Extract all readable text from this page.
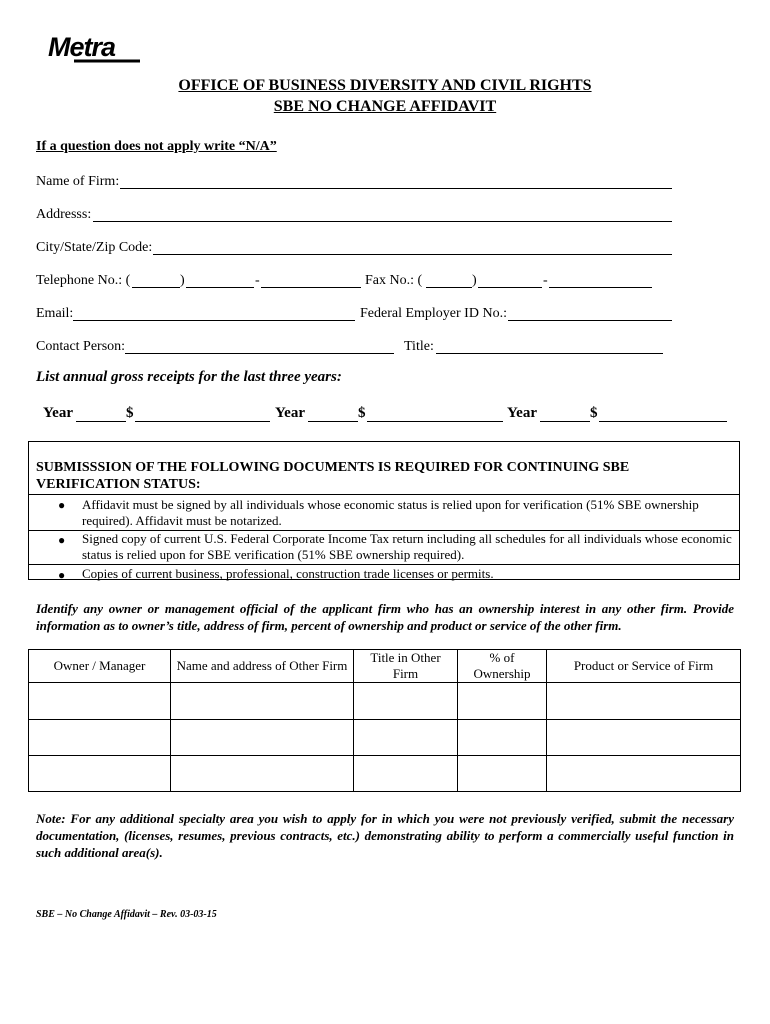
Metra
OFFICE OF BUSINESS DIVERSITY AND CIVIL RIGHTS
SBE NO CHANGE AFFIDAVIT
If a question does not apply write “N/A”
Name of Firm:
Addresss:
City/State/Zip Code:
Telephone No.: (	)	-	Fax No.: (	)	-
Email:	Federal Employer ID No.:
Contact Person:	Title:
List annual gross receipts for the last three years:
Year	$	Year	$	Year	$
SUBMISSSION OF THE FOLLOWING DOCUMENTS IS REQUIRED FOR CONTINUING SBE VERIFICATION STATUS:
● Affidavit must be signed by all individuals whose economic status is relied upon for verification (51% SBE ownership required). Affidavit must be notarized.
● Signed copy of current U.S. Federal Corporate Income Tax return including all schedules for all individuals whose economic status is relied upon for SBE verification (51% SBE ownership required).
● Copies of current business, professional, construction trade licenses or permits.
Identify any owner or management official of the applicant firm who has an ownership interest in any other firm. Provide information as to owner’s title, address of firm, percent of ownership and product or service of the other firm.
Owner / Manager	Name and address of Other Firm	Title in Other Firm	% of Ownership	Product or Service of Firm

Note: For any additional specialty area you wish to apply for in which you were not previously verified, submit the necessary documentation, (licenses, resumes, previous contracts, etc.) demonstrating ability to perform a commercially useful function in such additional area(s).
SBE – No Change Affidavit – Rev. 03-03-15
